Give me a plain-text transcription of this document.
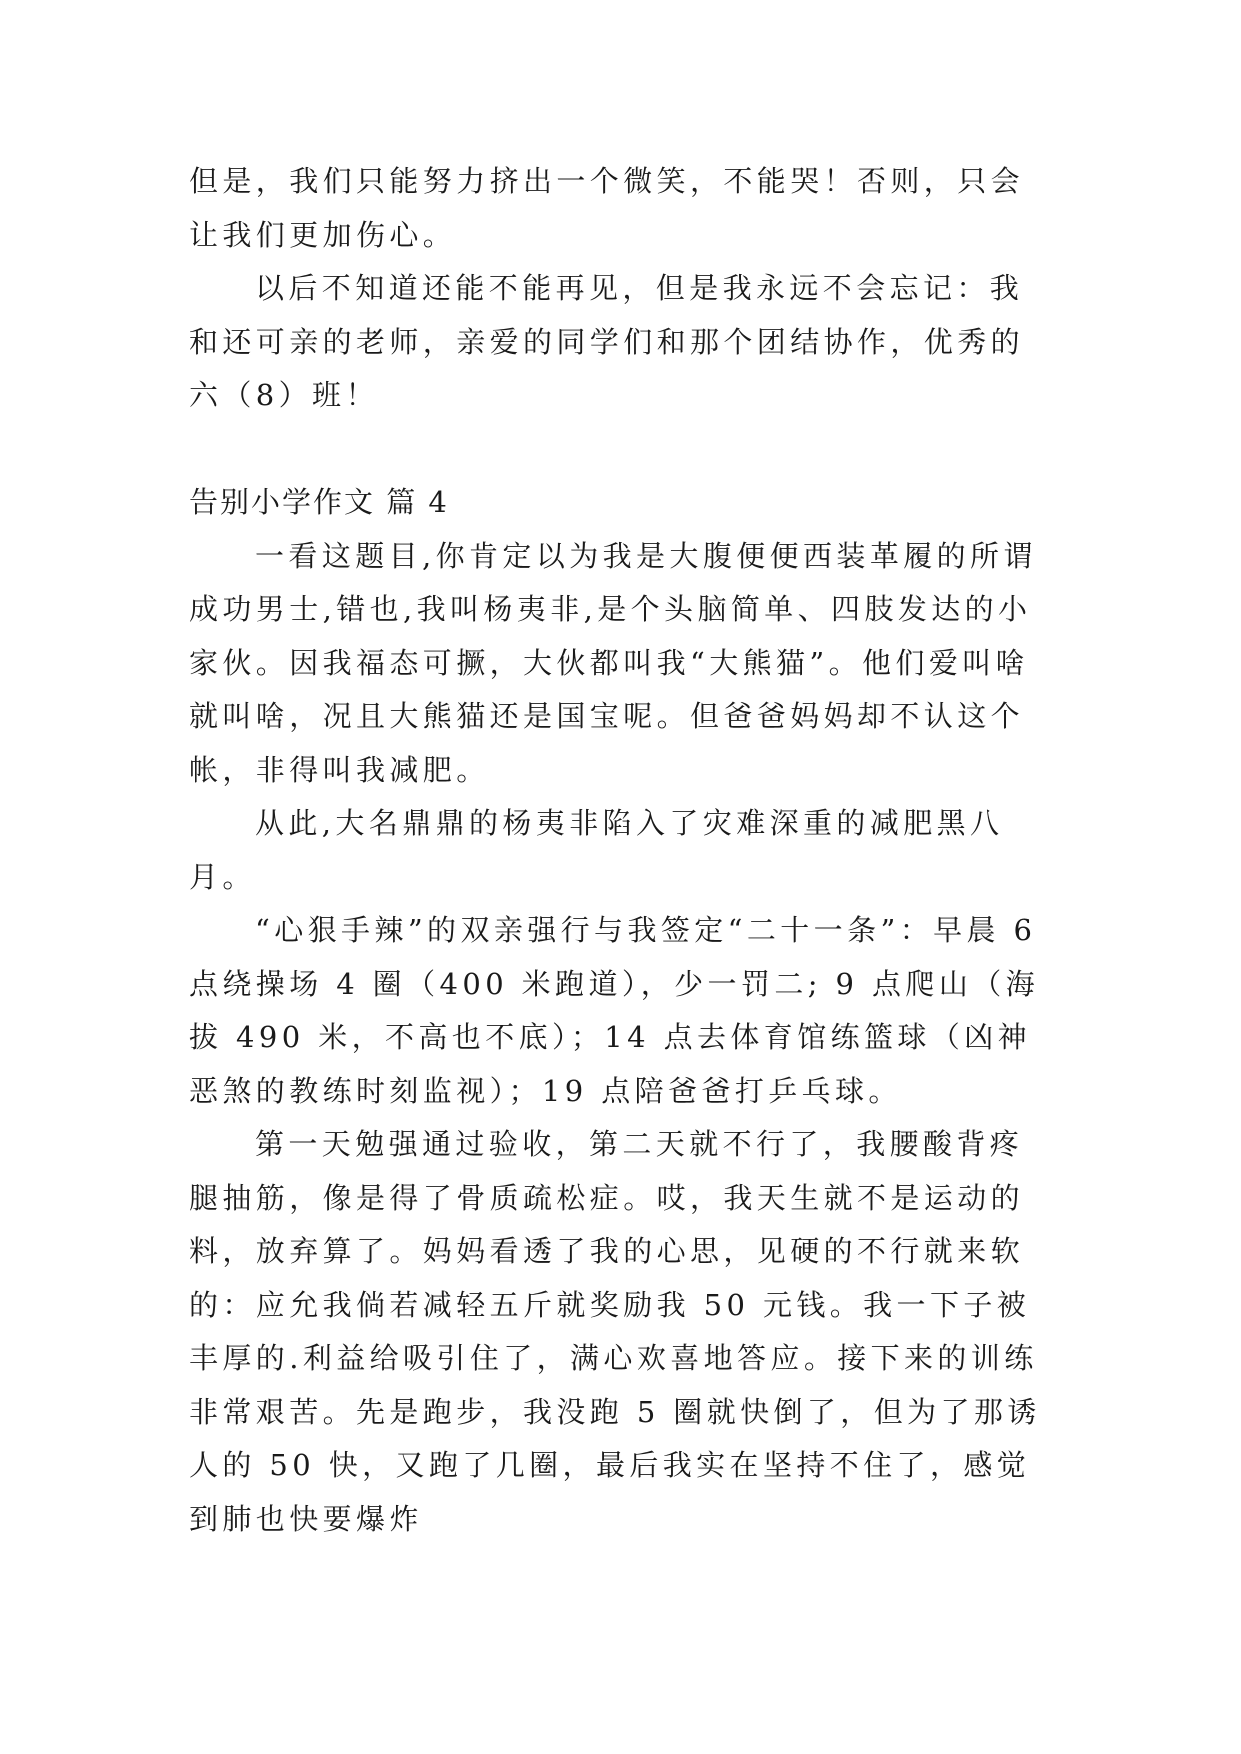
但是，我们只能努力挤出一个微笑，不能哭！否则，只会让我们更加伤心。

以后不知道还能不能再见，但是我永远不会忘记：我和还可亲的老师，亲爱的同学们和那个团结协作，优秀的六（8）班！

告别小学作文 篇 4

一看这题目,你肯定以为我是大腹便便西装革履的所谓成功男士,错也,我叫杨夷非,是个头脑简单、四肢发达的小家伙。因我福态可撅，大伙都叫我“大熊猫”。他们爱叫啥就叫啥，况且大熊猫还是国宝呢。但爸爸妈妈却不认这个帐，非得叫我减肥。

从此,大名鼎鼎的杨夷非陷入了灾难深重的减肥黑八月。

“心狠手辣”的双亲强行与我签定“二十一条”：早晨 6 点绕操场 4 圈（400 米跑道），少一罚二; 9 点爬山（海拔 490 米，不高也不底）；14 点去体育馆练篮球（凶神恶煞的教练时刻监视）；19 点陪爸爸打乒乓球。

第一天勉强通过验收，第二天就不行了，我腰酸背疼腿抽筋，像是得了骨质疏松症。哎，我天生就不是运动的料，放弃算了。妈妈看透了我的心思，见硬的不行就来软的：应允我倘若减轻五斤就奖励我 50 元钱。我一下子被丰厚的.利益给吸引住了，满心欢喜地答应。接下来的训练非常艰苦。先是跑步，我没跑 5 圈就快倒了，但为了那诱人的 50 快，又跑了几圈，最后我实在坚持不住了，感觉到肺也快要爆炸
